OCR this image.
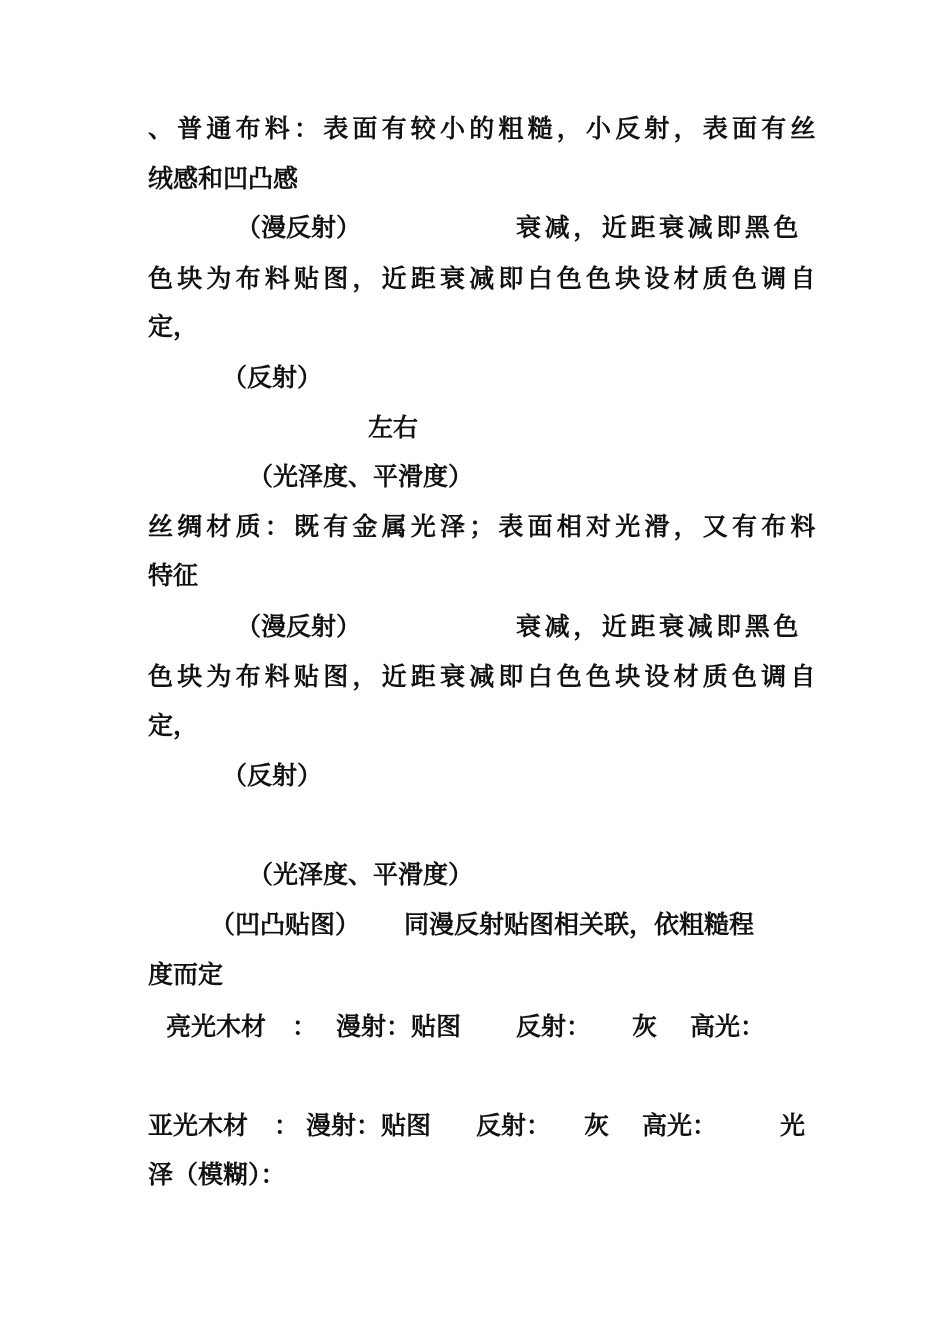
、普通布料：表面有较小的粗糙，小反射，表面有丝
绒感和凹凸感
（漫反射）	衰减，近距衰减即黑色
色块为布料贴图，近距衰减即白色色块设材质色调自
定，
（反射）
左右
（光泽度、平滑度）
丝绸材质：既有金属光泽；表面相对光滑，又有布料
特征
（漫反射）	衰减，近距衰减即黑色
色块为布料贴图，近距衰减即白色色块设材质色调自
定，
（反射）
（光泽度、平滑度）
（凹凸贴图） 同漫反射贴图相关联，依粗糙程
度而定
亮光木材 ： 漫射：贴图 反射： 灰 高光：
亚光木材 ： 漫射：贴图 反射： 灰 高光：	光
泽（模糊）：
